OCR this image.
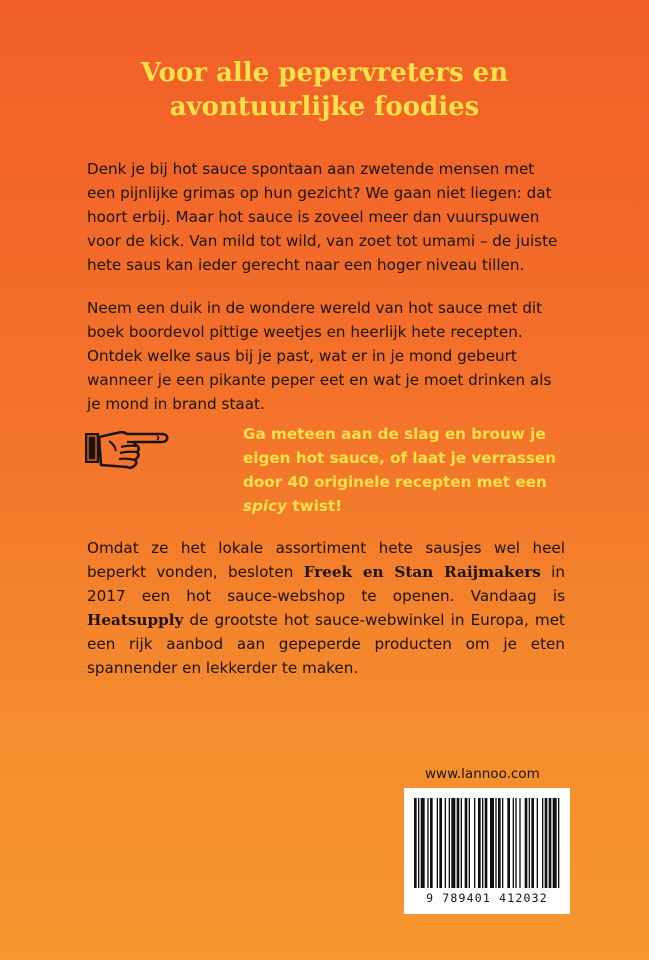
Voor alle pepervreters en
avontuurlijke foodies
Denk je bij hot sauce spontaan aan zwetende mensen met een pijnlijke grimas op hun gezicht? We gaan niet liegen: dat hoort erbij. Maar hot sauce is zoveel meer dan vuurspuwen voor de kick. Van mild tot wild, van zoet tot umami – de juiste hete saus kan ieder gerecht naar een hoger niveau tillen.
Neem een duik in de wondere wereld van hot sauce met dit boek boordevol pittige weetjes en heerlijk hete recepten. Ontdek welke saus bij je past, wat er in je mond gebeurt wanneer je een pikante peper eet en wat je moet drinken als je mond in brand staat.
Ga meteen aan de slag en brouw je eigen hot sauce, of laat je verrassen door 40 originele recepten met een spicy twist!
Omdat ze het lokale assortiment hete sausjes wel heel beperkt vonden, besloten Freek en Stan Raijmakers in 2017 een hot sauce-webshop te openen. Vandaag is Heatsupply de grootste hot sauce-webwinkel in Europa, met een rijk aanbod aan gepeperde producten om je eten spannender en lekkerder te maken.
www.lannoo.com
9 789401 412032
